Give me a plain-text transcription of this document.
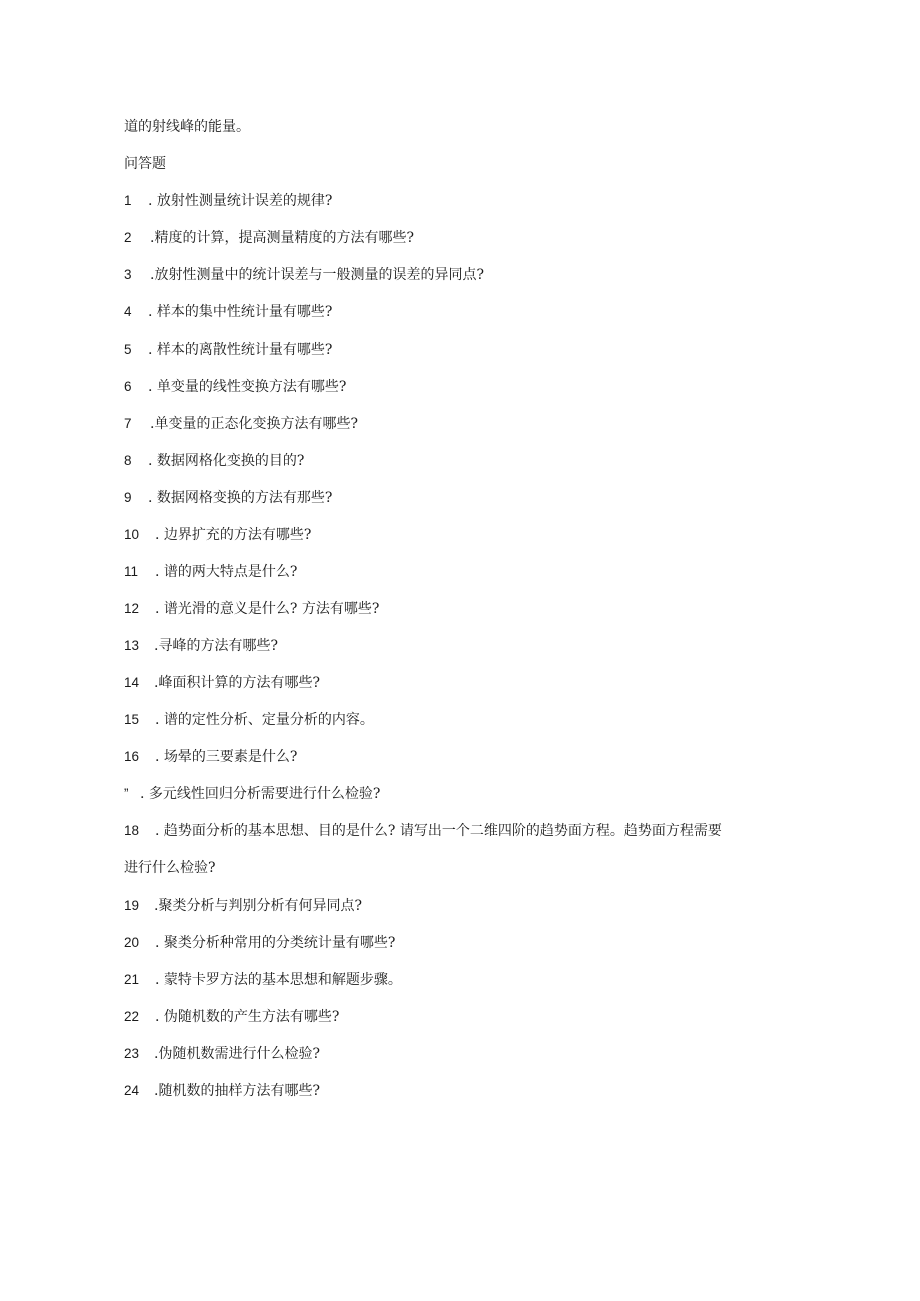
道的射线峰的能量。
问答题
1 . 放射性测量统计误差的规律?
2 .精度的计算，提高测量精度的方法有哪些?
3 .放射性测量中的统计误差与一般测量的误差的异同点?
4 . 样本的集中性统计量有哪些?
5 . 样本的离散性统计量有哪些?
6 . 单变量的线性变换方法有哪些?
7 .单变量的正态化变换方法有哪些?
8 . 数据网格化变换的目的?
9 . 数据网格变换的方法有那些?
10 . 边界扩充的方法有哪些?
11 . 谱的两大特点是什么?
12 . 谱光滑的意义是什么? 方法有哪些?
13 .寻峰的方法有哪些?
14 .峰面积计算的方法有哪些?
15 . 谱的定性分析、定量分析的内容。
16 . 场晕的三要素是什么?
” . 多元线性回归分析需要进行什么检验?
18 . 趋势面分析的基本思想、目的是什么? 请写出一个二维四阶的趋势面方程。趋势面方程需要
进行什么检验?
19 .聚类分析与判别分析有何异同点?
20 . 聚类分析种常用的分类统计量有哪些?
21 . 蒙特卡罗方法的基本思想和解题步骤。
22 . 伪随机数的产生方法有哪些?
23 .伪随机数需进行什么检验?
24 .随机数的抽样方法有哪些?
